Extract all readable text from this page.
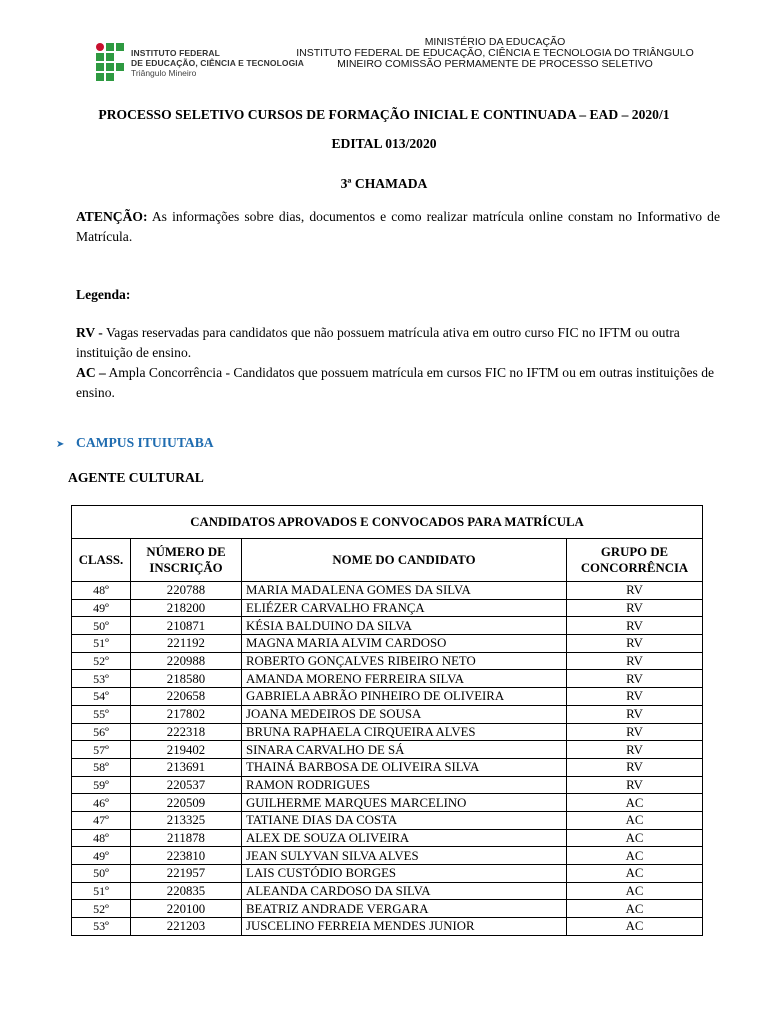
INSTITUTO FEDERAL
DE EDUCAÇÃO, CIÊNCIA E TECNOLOGIA
Triângulo Mineiro
MINISTÉRIO DA EDUCAÇÃO
INSTITUTO FEDERAL DE EDUCAÇÃO, CIÊNCIA E TECNOLOGIA DO TRIÂNGULO
MINEIRO COMISSÃO PERMAMENTE DE PROCESSO SELETIVO
PROCESSO SELETIVO CURSOS DE FORMAÇÃO INICIAL E CONTINUADA – EAD – 2020/1
EDITAL 013/2020
3ª CHAMADA
ATENÇÃO: As informações sobre dias, documentos e como realizar matrícula online constam no Informativo de Matrícula.
Legenda:
RV - Vagas reservadas para candidatos que não possuem matrícula ativa em outro curso FIC no IFTM ou outra instituição de ensino.
AC – Ampla Concorrência - Candidatos que possuem matrícula em cursos FIC no IFTM ou em outras instituições de ensino.
➤ CAMPUS ITUIUTABA
AGENTE CULTURAL
CANDIDATOS APROVADOS E CONVOCADOS PARA MATRÍCULA			
CLASS.	NÚMERO DE INSCRIÇÃO	NOME DO CANDIDATO	GRUPO DE CONCORRÊNCIA
48º	220788	MARIA MADALENA GOMES DA SILVA	RV
49º	218200	ELIÉZER CARVALHO FRANÇA	RV
50º	210871	KÉSIA BALDUINO DA SILVA	RV
51º	221192	MAGNA MARIA ALVIM CARDOSO	RV
52º	220988	ROBERTO GONÇALVES RIBEIRO NETO	RV
53º	218580	AMANDA MORENO FERREIRA SILVA	RV
54º	220658	GABRIELA ABRÃO PINHEIRO DE OLIVEIRA	RV
55º	217802	JOANA MEDEIROS DE SOUSA	RV
56º	222318	BRUNA RAPHAELA CIRQUEIRA ALVES	RV
57º	219402	SINARA CARVALHO DE SÁ	RV
58º	213691	THAINÁ BARBOSA DE OLIVEIRA SILVA	RV
59º	220537	RAMON RODRIGUES	RV
46º	220509	GUILHERME MARQUES MARCELINO	AC
47º	213325	TATIANE DIAS DA COSTA	AC
48º	211878	ALEX DE SOUZA OLIVEIRA	AC
49º	223810	JEAN SULYVAN SILVA ALVES	AC
50º	221957	LAIS CUSTÓDIO BORGES	AC
51º	220835	ALEANDA CARDOSO DA SILVA	AC
52º	220100	BEATRIZ ANDRADE VERGARA	AC
53º	221203	JUSCELINO FERREIA MENDES JUNIOR	AC
